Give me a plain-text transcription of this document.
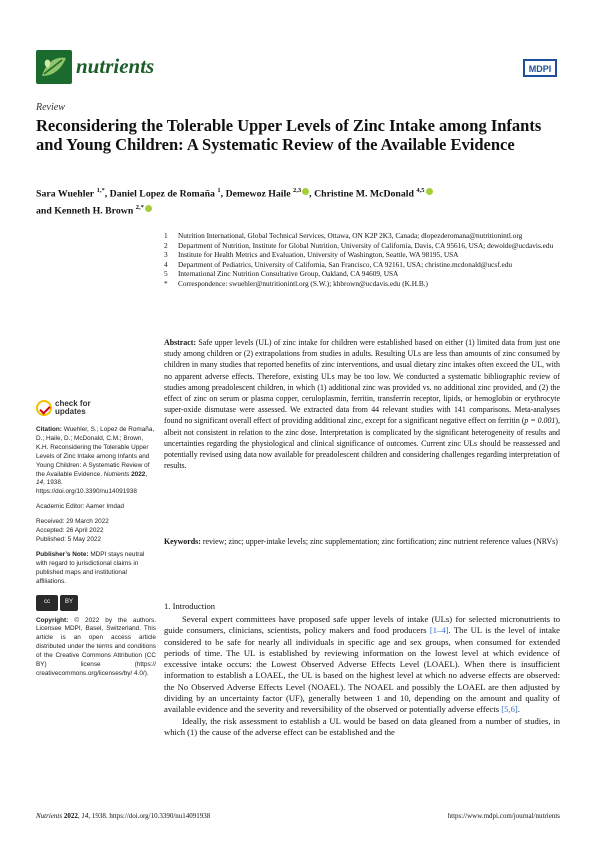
nutrients	MDPI
Review
Reconsidering the Tolerable Upper Levels of Zinc Intake among Infants and Young Children: A Systematic Review of the Available Evidence
Sara Wuehler $^{1,*}$, Daniel Lopez de Romaña $^1$, Demewoz Haile $^{2,3}$ , Christine M. McDonald $^{4,5}$
and Kenneth H. Brown $^{2,*}$
1	Nutrition International, Global Technical Services, Ottawa, ON K2P 2K3, Canada; dlopezderomana@nutritionintl.org
2	Department of Nutrition, Institute for Global Nutrition, University of California, Davis, CA 95616, USA; dewolde@ucdavis.edu
3	Institute for Health Metrics and Evaluation, University of Washington, Seattle, WA 98195, USA
4	Department of Pediatrics, University of California, San Francisco, CA 92161, USA; christine.mcdonald@ucsf.edu
5	International Zinc Nutrition Consultative Group, Oakland, CA 94609, USA
*	Correspondence: swuehler@nutritionintl.org (S.W.); khbrown@ucdavis.edu (K.H.B.)
check for
updates
Citation: Wuehler, S.; Lopez de Romaña, D.; Haile, D.; McDonald, C.M.; Brown, K.H. Reconsidering the Tolerable Upper Levels of Zinc Intake among Infants and Young Children: A Systematic Review of the Available Evidence. Nutrients 2022, 14, 1938. https://doi.org/10.3390/nu14091938
Academic Editor: Aamer Imdad
Received: 29 March 2022
Accepted: 26 April 2022
Published: 5 May 2022
Publisher’s Note: MDPI stays neutral with regard to jurisdictional claims in published maps and institutional affiliations.
cc	BY
Copyright: © 2022 by the authors. Licensee MDPI, Basel, Switzerland. This article is an open access article distributed under the terms and conditions of the Creative Commons Attribution (CC BY) license (https:// creativecommons.org/licenses/by/ 4.0/).
Abstract: Safe upper levels (UL) of zinc intake for children were established based on either (1) limited data from just one study among children or (2) extrapolations from studies in adults. Resulting ULs are less than amounts of zinc consumed by children in many studies that reported benefits of zinc interventions, and usual dietary zinc intakes often exceed the UL, with no apparent adverse effects. Therefore, existing ULs may be too low. We conducted a systematic bibliographic review of studies among preadolescent children, in which (1) additional zinc was provided vs. no additional zinc provided, and (2) the effect of zinc on serum or plasma copper, ceruloplasmin, ferritin, transferrin receptor, lipids, or hemoglobin or erythrocyte super-oxide dismutase were assessed. We extracted data from 44 relevant studies with 141 comparisons. Meta-analyses found no significant overall effect of providing additional zinc, except for a significant negative effect on ferritin (p = 0.001), albeit not consistent in relation to the zinc dose. Interpretation is complicated by the significant heterogeneity of results and uncertainties regarding the physiological and clinical significance of outcomes. Current zinc ULs should be reassessed and potentially revised using data now available for preadolescent children and considering challenges regarding interpretation of results.
Keywords: review; zinc; upper-intake levels; zinc supplementation; zinc fortification; zinc nutrient reference values (NRVs)
1. Introduction

Several expert committees have proposed safe upper levels of intake (ULs) for selected micronutrients to guide consumers, clinicians, scientists, policy makers and food producers [1–4]. The UL is the level of intake considered to be safe for nearly all individuals in specific age and sex groups, when consumed for extended periods of time. The UL is established by reviewing information on the lowest level at which evidence of excessive intake occurs: the Lowest Observed Adverse Effects Level (LOAEL). When there is insufficient information to establish a LOAEL, the UL is based on the highest level at which no adverse effects are observed: the No Observed Adverse Effects Level (NOAEL). The NOAEL and possibly the LOAEL are then adjusted by dividing by an uncertainty factor (UF), generally between 1 and 10, depending on the amount and quality of available evidence and the severity and reversibility of the observed or potentially adverse effects [5,6].

Ideally, the risk assessment to establish a UL would be based on data gleaned from a number of studies, in which (1) the cause of the adverse effect can be established and the

Nutrients 2022, 14, 1938. https://doi.org/10.3390/nu14091938	https://www.mdpi.com/journal/nutrients
